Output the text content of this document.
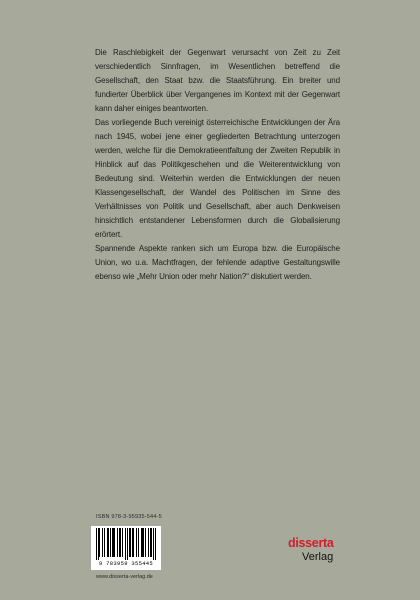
Die Raschlebigkeit der Gegenwart verursacht von Zeit zu Zeit verschiedentlich Sinnfragen, im Wesentlichen betreffend die Gesellschaft, den Staat bzw. die Staatsführung. Ein breiter und fundierter Überblick über Vergangenes im Kontext mit der Gegenwart kann daher einiges beantworten.

Das vorliegende Buch vereinigt österreichische Entwicklungen der Ära nach 1945, wobei jene einer gegliederten Betrachtung unterzogen werden, welche für die Demokratieentfaltung der Zweiten Republik in Hinblick auf das Politikgeschehen und die Weiterentwicklung von Bedeutung sind. Weiterhin werden die Entwicklungen der neuen Klassengesellschaft, der Wandel des Politischen im Sinne des Verhältnisses von Politik und Gesellschaft, aber auch Denkweisen hinsichtlich entstandener Lebensformen durch die Globalisierung erörtert.

Spannende Aspekte ranken sich um Europa bzw. die Europäische Union, wo u.a. Machtfragen, der fehlende adaptive Gestaltungswille ebenso wie „Mehr Union oder mehr Nation?“ diskutiert werden.

ISBN 978-3-95935-544-5
9 783959 355445
www.disserta-verlag.de
disserta
Verlag
